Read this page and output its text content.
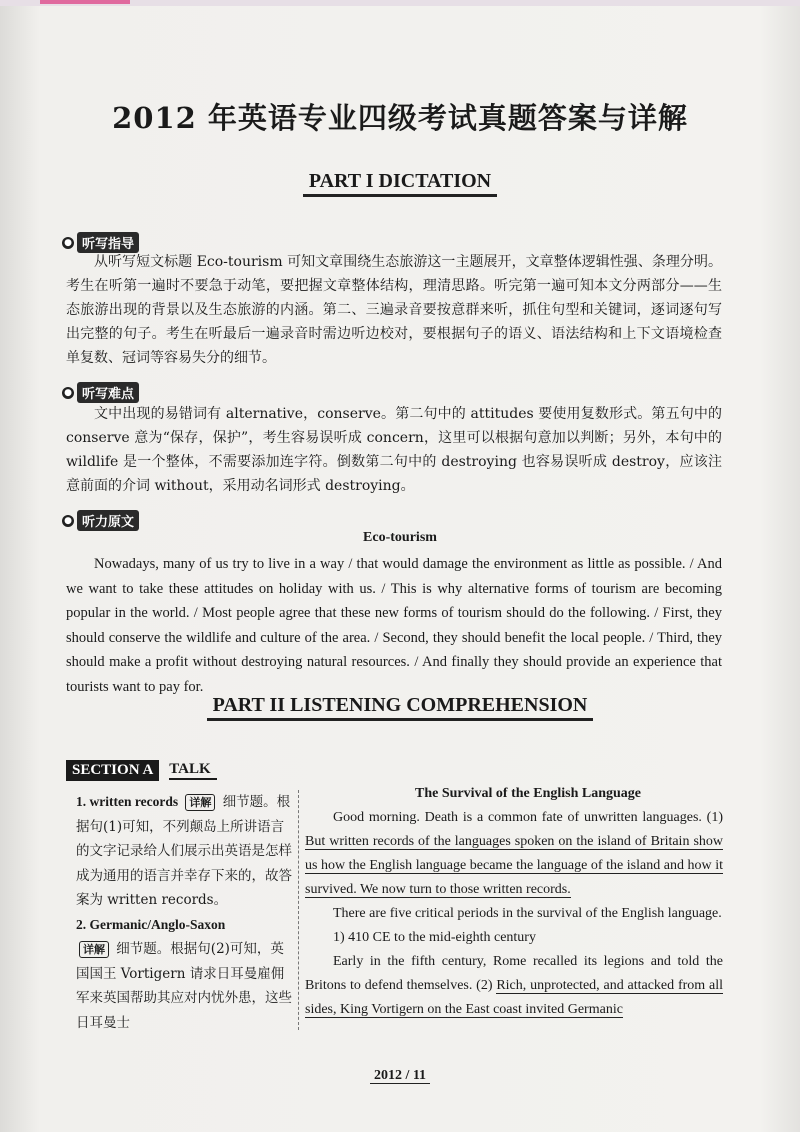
2012 年英语专业四级考试真题答案与详解
PART I DICTATION
● 听写指导

从听写短文标题 Eco-tourism 可知文章围绕生态旅游这一主题展开，文章整体逻辑性强、条理分明。考生在听第一遍时不要急于动笔，要把握文章整体结构，理清思路。听完第一遍可知本文分两部分——生态旅游出现的背景以及生态旅游的内涵。第二、三遍录音要按意群来听，抓住句型和关键词，逐词逐句写出完整的句子。考生在听最后一遍录音时需边听边校对，要根据句子的语义、语法结构和上下文语境检查单复数、冠词等容易失分的细节。

● 听写难点

文中出现的易错词有 alternative，conserve。第二句中的 attitudes 要使用复数形式。第五句中的 conserve 意为“保存，保护”，考生容易误听成 concern，这里可以根据句意加以判断；另外，本句中的 wildlife 是一个整体，不需要添加连字符。倒数第二句中的 destroying 也容易误听成 destroy，应该注意前面的介词 without，采用动名词形式 destroying。

● 听力原文
Eco-tourism

Nowadays, many of us try to live in a way / that would damage the environment as little as possible. / And we want to take these attitudes on holiday with us. / This is why alternative forms of tourism are becoming popular in the world. / Most people agree that these new forms of tourism should do the following. / First, they should conserve the wildlife and culture of the area. / Second, they should benefit the local people. / Third, they should make a profit without destroying natural resources. / And finally they should provide an experience that tourists want to pay for.

PART II LISTENING COMPREHENSION
SECTION A	TALK

1. written records 详解 细节题。根据句(1)可知，不列颠岛上所讲语言的文字记录给人们展示出英语是怎样成为通用的语言并幸存下来的，故答案为 written records。

2. Germanic/Anglo-Saxon
详解 细节题。根据句(2)可知，英国国王 Vortigern 请求日耳曼雇佣军来英国帮助其应对内忧外患，这些日耳曼士

The Survival of the English Language

Good morning. Death is a common fate of unwritten languages. (1) But written records of the languages spoken on the island of Britain show us how the English language became the language of the island and how it survived. We now turn to those written records.

There are five critical periods in the survival of the English language.

1) 410 CE to the mid-eighth century

Early in the fifth century, Rome recalled its legions and told the Britons to defend themselves. (2) Rich, unprotected, and attacked from all sides, King Vortigern on the East coast invited Germanic

2012 / 11
